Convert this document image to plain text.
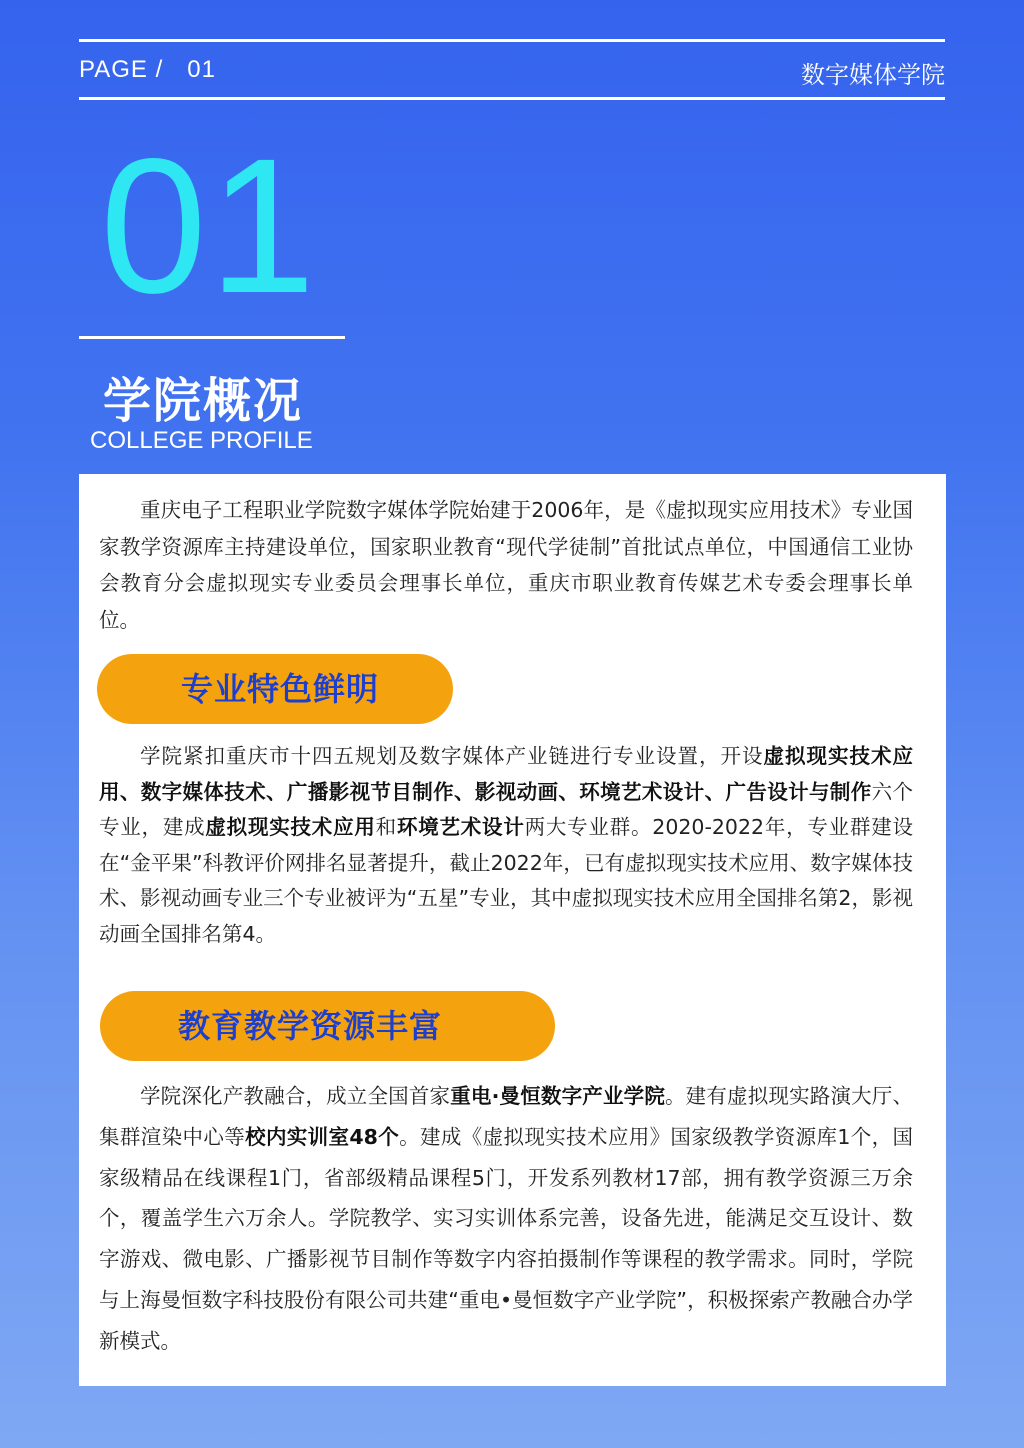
PAGE / 01	数字媒体学院
01
学院概况
COLLEGE PROFILE

重庆电子工程职业学院数字媒体学院始建于2006年，是《虚拟现实应用技术》专业国家教学资源库主持建设单位，国家职业教育“现代学徒制”首批试点单位，中国通信工业协会教育分会虚拟现实专业委员会理事长单位，重庆市职业教育传媒艺术专委会理事长单位。

专业特色鲜明

学院紧扣重庆市十四五规划及数字媒体产业链进行专业设置，开设虚拟现实技术应用、数字媒体技术、广播影视节目制作、影视动画、环境艺术设计、广告设计与制作六个专业，建成虚拟现实技术应用和环境艺术设计两大专业群。2020-2022年，专业群建设在“金平果”科教评价网排名显著提升，截止2022年，已有虚拟现实技术应用、数字媒体技术、影视动画专业三个专业被评为“五星”专业，其中虚拟现实技术应用全国排名第2，影视动画全国排名第4。

教育教学资源丰富

学院深化产教融合，成立全国首家重电·曼恒数字产业学院。建有虚拟现实路演大厅、集群渲染中心等校内实训室48个。建成《虚拟现实技术应用》国家级教学资源库1个，国家级精品在线课程1门，省部级精品课程5门，开发系列教材17部，拥有教学资源三万余个，覆盖学生六万余人。学院教学、实习实训体系完善，设备先进，能满足交互设计、数字游戏、微电影、广播影视节目制作等数字内容拍摄制作等课程的教学需求。同时，学院与上海曼恒数字科技股份有限公司共建“重电•曼恒数字产业学院”，积极探索产教融合办学新模式。
